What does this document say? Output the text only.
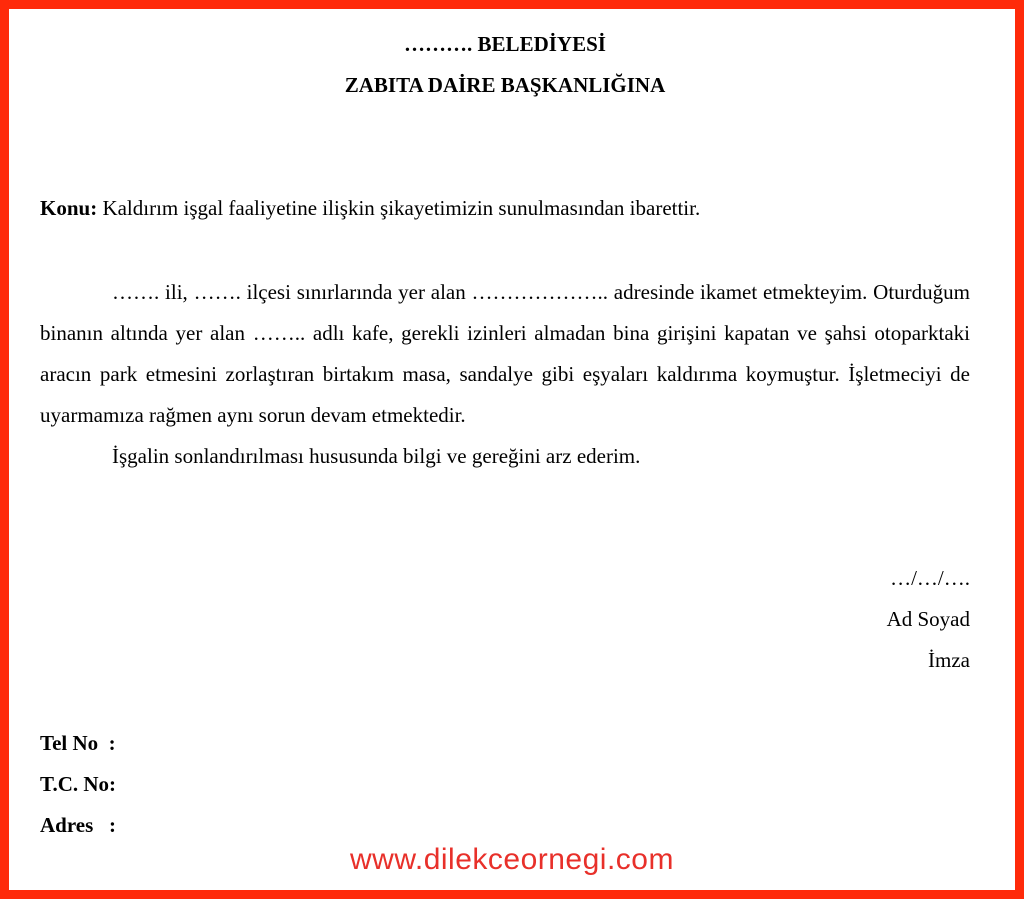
………. BELEDİYESİ
ZABITA DAİRE BAŞKANLIĞINA
Konu: Kaldırım işgal faaliyetine ilişkin şikayetimizin sunulmasından ibarettir.

……. ili, ……. ilçesi sınırlarında yer alan ……………….. adresinde ikamet etmekteyim. Oturduğum binanın altında yer alan …….. adlı kafe, gerekli izinleri almadan bina girişini kapatan ve şahsi otoparktaki aracın park etmesini zorlaştıran birtakım masa, sandalye gibi eşyaları kaldırıma koymuştur. İşletmeciyi de uyarmamıza rağmen aynı sorun devam etmektedir.

İşgalin sonlandırılması hususunda bilgi ve gereğini arz ederim.

…/…/….
Ad Soyad
İmza
Tel No  :
T.C. No:
Adres   :
www.dilekceornegi.com
